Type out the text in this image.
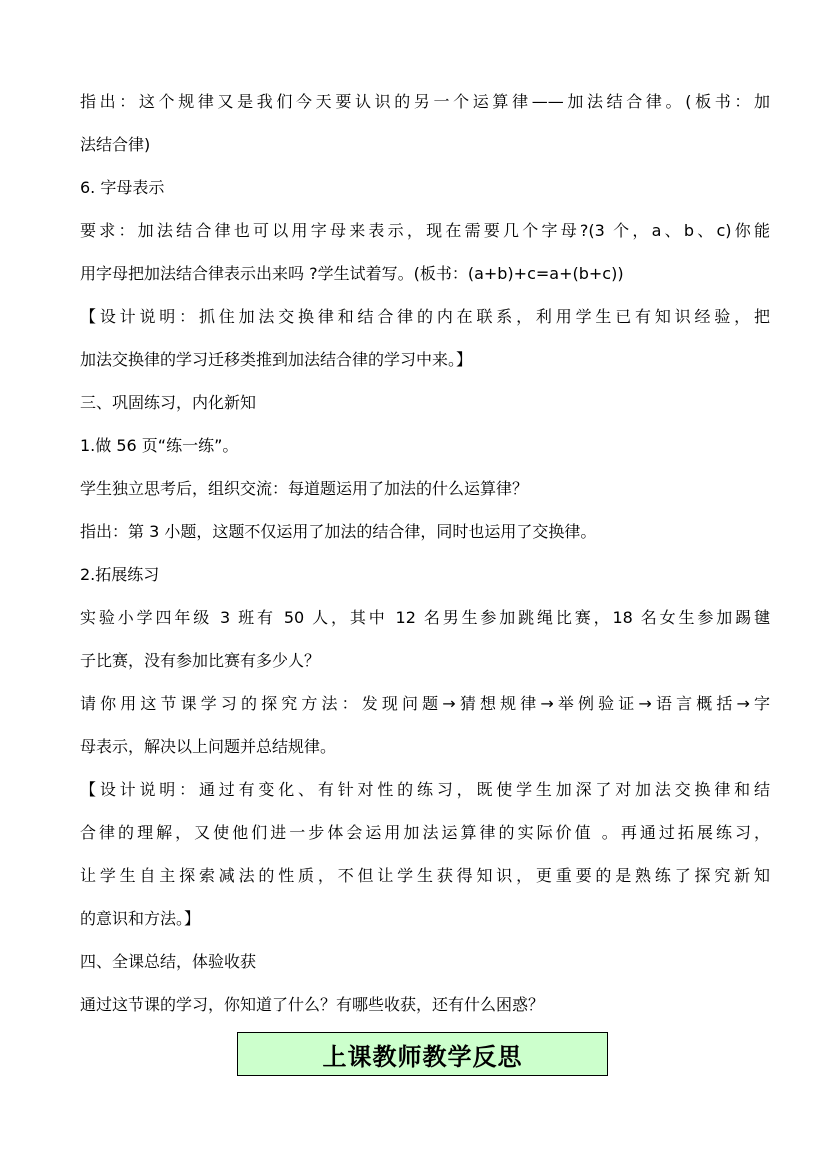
指出：这个规律又是我们今天要认识的另一个运算律——加法结合律。(板书：加
法结合律)
6. 字母表示
要求：加法结合律也可以用字母来表示，现在需要几个字母?(3 个，a、b、c)你能
用字母把加法结合律表示出来吗 ?学生试着写。(板书：(a+b)+c=a+(b+c))
【设计说明：抓住加法交换律和结合律的内在联系，利用学生已有知识经验，把
加法交换律的学习迁移类推到加法结合律的学习中来。】
三、巩固练习，内化新知
1.做 56 页“练一练”。
学生独立思考后，组织交流：每道题运用了加法的什么运算律？
指出：第 3 小题，这题不仅运用了加法的结合律，同时也运用了交换律。
2.拓展练习
实验小学四年级 3 班有 50 人，其中 12 名男生参加跳绳比赛，18 名女生参加踢毽
子比赛，没有参加比赛有多少人？
请你用这节课学习的探究方法：发现问题→猜想规律→举例验证→语言概括→字
母表示，解决以上问题并总结规律。
【设计说明：通过有变化、有针对性的练习，既使学生加深了对加法交换律和结
合律的理解，又使他们进一步体会运用加法运算律的实际价值 。再通过拓展练习，
让学生自主探索减法的性质，不但让学生获得知识，更重要的是熟练了探究新知
的意识和方法。】
四、全课总结，体验收获
通过这节课的学习，你知道了什么？有哪些收获，还有什么困惑？
上课教师教学反思
